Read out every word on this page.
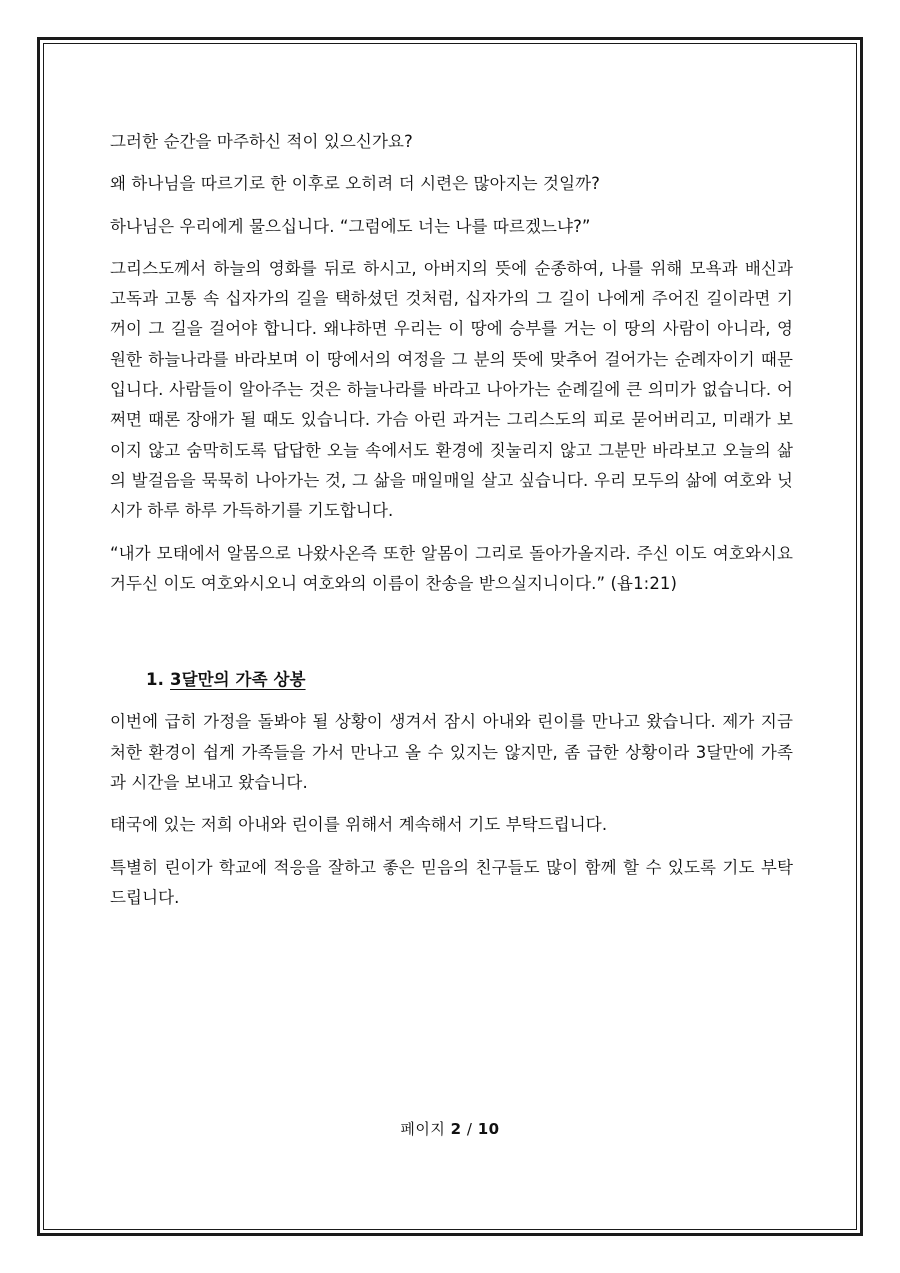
그러한 순간을 마주하신 적이 있으신가요?

왜 하나님을 따르기로 한 이후로 오히려 더 시련은 많아지는 것일까?

하나님은 우리에게 물으십니다. “그럼에도 너는 나를 따르겠느냐?”

그리스도께서 하늘의 영화를 뒤로 하시고, 아버지의 뜻에 순종하여, 나를 위해 모욕과 배신과 고독과 고통 속 십자가의 길을 택하셨던 것처럼, 십자가의 그 길이 나에게 주어진 길이라면 기꺼이 그 길을 걸어야 합니다. 왜냐하면 우리는 이 땅에 승부를 거는 이 땅의 사람이 아니라, 영원한 하늘나라를 바라보며 이 땅에서의 여정을 그 분의 뜻에 맞추어 걸어가는 순례자이기 때문입니다. 사람들이 알아주는 것은 하늘나라를 바라고 나아가는 순례길에 큰 의미가 없습니다. 어쩌면 때론 장애가 될 때도 있습니다. 가슴 아린 과거는 그리스도의 피로 묻어버리고, 미래가 보이지 않고 숨막히도록 답답한 오늘 속에서도 환경에 짓눌리지 않고 그분만 바라보고 오늘의 삶의 발걸음을 묵묵히 나아가는 것, 그 삶을 매일매일 살고 싶습니다. 우리 모두의 삶에 여호와 닛시가 하루 하루 가득하기를 기도합니다.

“내가 모태에서 알몸으로 나왔사온즉 또한 알몸이 그리로 돌아가올지라. 주신 이도 여호와시요 거두신 이도 여호와시오니 여호와의 이름이 찬송을 받으실지니이다.” (욥1:21)

1. 3달만의 가족 상봉

이번에 급히 가정을 돌봐야 될 상황이 생겨서 잠시 아내와 린이를 만나고 왔습니다. 제가 지금 처한 환경이 쉽게 가족들을 가서 만나고 올 수 있지는 않지만, 좀 급한 상황이라 3달만에 가족과 시간을 보내고 왔습니다.

태국에 있는 저희 아내와 린이를 위해서 계속해서 기도 부탁드립니다.

특별히 린이가 학교에 적응을 잘하고 좋은 믿음의 친구들도 많이 함께 할 수 있도록 기도 부탁드립니다.

페이지 2 / 10
